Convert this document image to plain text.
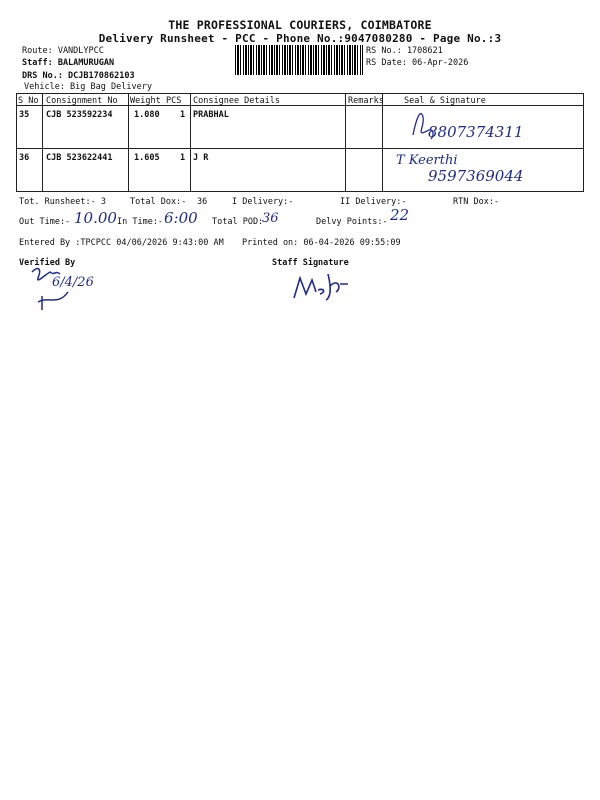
THE PROFESSIONAL COURIERS, COIMBATORE
Delivery Runsheet - PCC - Phone No.:9047080280 - Page No.:3
Route: VANDLYPCC
Staff: BALAMURUGAN
DRS No.: DCJB170862103
Vehicle: Big Bag Delivery
RS No.: 1708621
RS Date: 06-Apr-2026
S No Consignment No Weight PCS Consignee Details	Remarks Seal & Signature
35 CJB 523592234	1.080 1 PRABHAL
8807374311
36 CJB 523622441	1.605 1 J R	T Keerthi
9597369044
Tot. Runsheet:- 3	Total Dox:- 36	I Delivery:-	II Delivery:-	RTN Dox:-
Out Time:- 10.00 In Time:- 6:00 Total POD:-
36	Delvy Points:- 22
Entered By :TPCPCC 04/06/2026 9:43:00 AM Printed on: 06-04-2026 09:55:09
Verified By
6/4/26
Staff Signature
